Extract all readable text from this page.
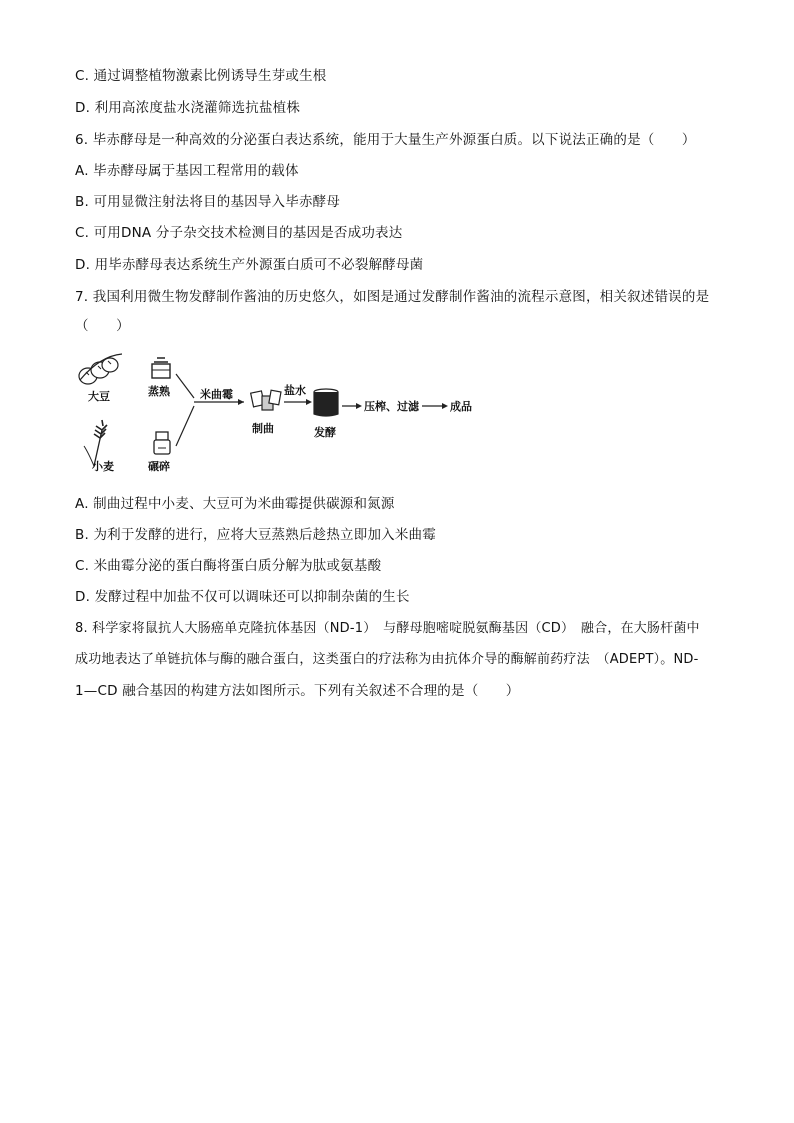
C. 通过调整植物激素比例诱导生芽或生根
D. 利用高浓度盐水浇灌筛选抗盐植株
6. 毕赤酵母是一种高效的分泌蛋白表达系统，能用于大量生产外源蛋白质。以下说法正确的是（　　）
A. 毕赤酵母属于基因工程常用的载体
B. 可用显微注射法将目的基因导入毕赤酵母
C. 可用DNA 分子杂交技术检测目的基因是否成功表达
D. 用毕赤酵母表达系统生产外源蛋白质可不必裂解酵母菌
7. 我国利用微生物发酵制作酱油的历史悠久，如图是通过发酵制作酱油的流程示意图，相关叙述错误的是
（　　）
大豆	蒸熟
小麦	碾碎
米曲霉
制曲
盐水
发酵
压榨、过滤	成品
A. 制曲过程中小麦、大豆可为米曲霉提供碳源和氮源
B. 为利于发酵的进行，应将大豆蒸熟后趁热立即加入米曲霉
C. 米曲霉分泌的蛋白酶将蛋白质分解为肽或氨基酸
D. 发酵过程中加盐不仅可以调味还可以抑制杂菌的生长
8. 科学家将鼠抗人大肠癌单克隆抗体基因（ND-1）　与酵母胞嘧啶脱氨酶基因（CD）　融合，在大肠杆菌中
成功地表达了单链抗体与酶的融合蛋白，这类蛋白的疗法称为由抗体介导的酶解前药疗法　（ADEPT）。ND-
1—CD 融合基因的构建方法如图所示。下列有关叙述不合理的是（　　）
